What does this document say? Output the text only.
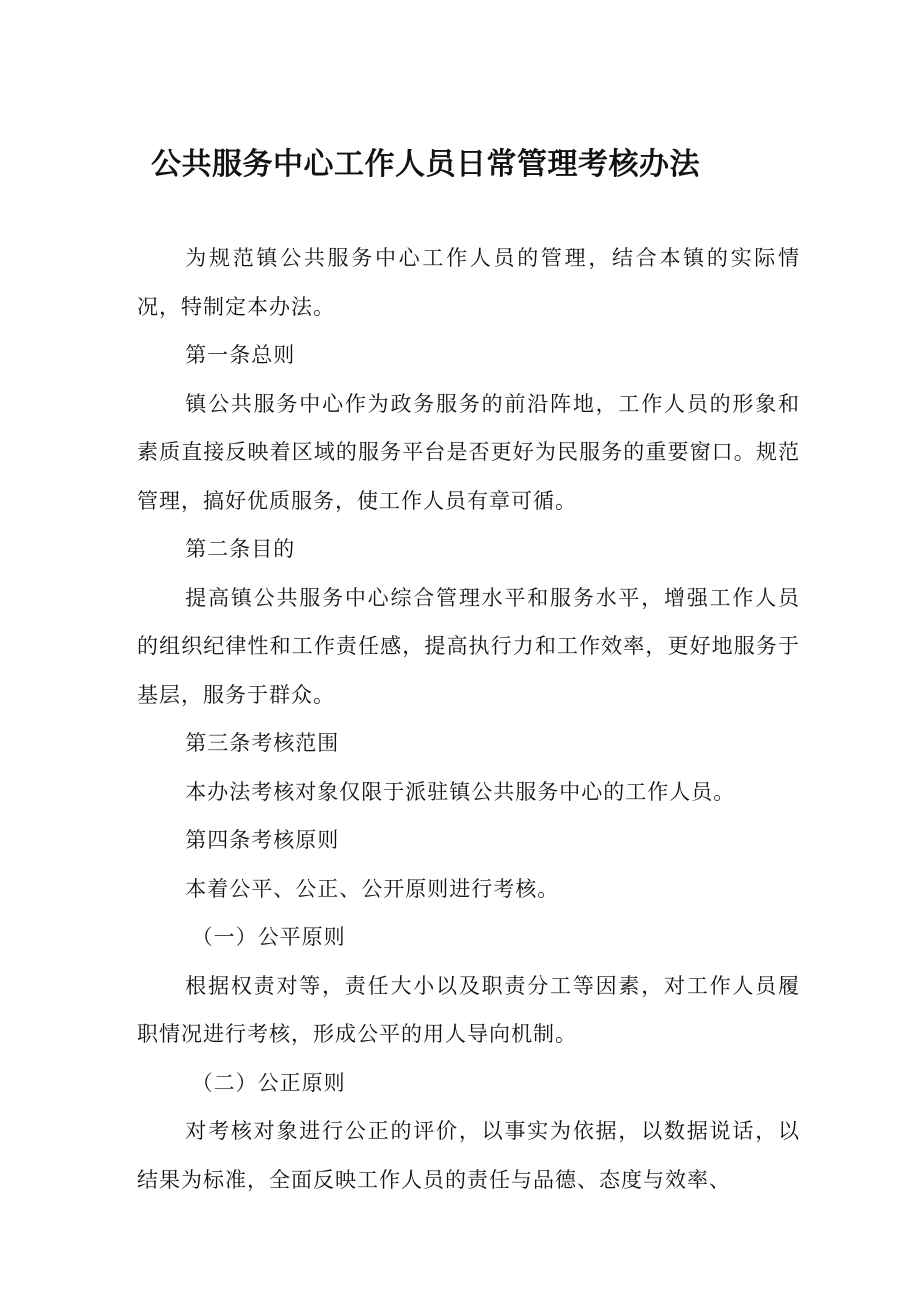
公共服务中心工作人员日常管理考核办法

为规范镇公共服务中心工作人员的管理，结合本镇的实际情况，特制定本办法。

第一条总则

镇公共服务中心作为政务服务的前沿阵地，工作人员的形象和素质直接反映着区域的服务平台是否更好为民服务的重要窗口。规范管理，搞好优质服务，使工作人员有章可循。

第二条目的

提高镇公共服务中心综合管理水平和服务水平，增强工作人员的组织纪律性和工作责任感，提高执行力和工作效率，更好地服务于基层，服务于群众。

第三条考核范围

本办法考核对象仅限于派驻镇公共服务中心的工作人员。

第四条考核原则

本着公平、公正、公开原则进行考核。

（一）公平原则

根据权责对等，责任大小以及职责分工等因素，对工作人员履职情况进行考核，形成公平的用人导向机制。

（二）公正原则

对考核对象进行公正的评价，以事实为依据，以数据说话，以结果为标准，全面反映工作人员的责任与品德、态度与效率、
